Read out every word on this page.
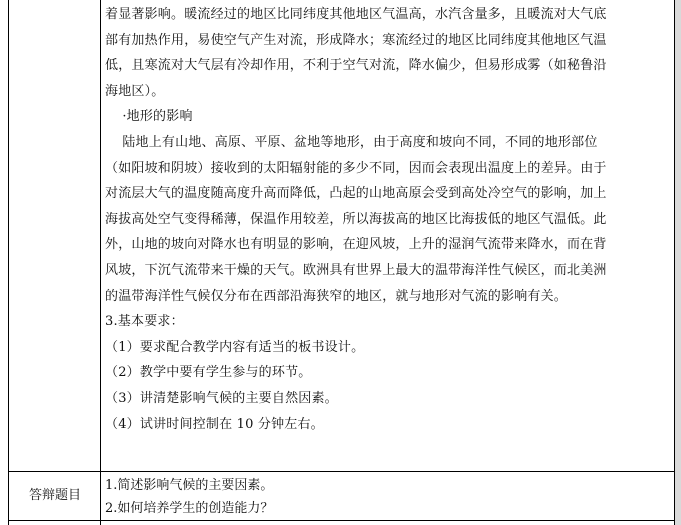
着显著影响。暖流经过的地区比同纬度其他地区气温高，水汽含量多，且暖流对大气底
部有加热作用，易使空气产生对流，形成降水；寒流经过的地区比同纬度其他地区气温
低，且寒流对大气层有冷却作用，不利于空气对流，降水偏少，但易形成雾（如秘鲁沿
海地区）。
·地形的影响
陆地上有山地、高原、平原、盆地等地形，由于高度和坡向不同，不同的地形部位
（如阳坡和阴坡）接收到的太阳辐射能的多少不同，因而会表现出温度上的差异。由于
对流层大气的温度随高度升高而降低，凸起的山地高原会受到高处冷空气的影响，加上
海拔高处空气变得稀薄，保温作用较差，所以海拔高的地区比海拔低的地区气温低。此
外，山地的坡向对降水也有明显的影响，在迎风坡，上升的湿润气流带来降水，而在背
风坡，下沉气流带来干燥的天气。欧洲具有世界上最大的温带海洋性气候区，而北美洲
的温带海洋性气候仅分布在西部沿海狭窄的地区，就与地形对气流的影响有关。
3.基本要求：
（1）要求配合教学内容有适当的板书设计。
（2）教学中要有学生参与的环节。
（3）讲清楚影响气候的主要自然因素。
（4）试讲时间控制在 10 分钟左右。
答辩题目
1.简述影响气候的主要因素。
2.如何培养学生的创造能力？
